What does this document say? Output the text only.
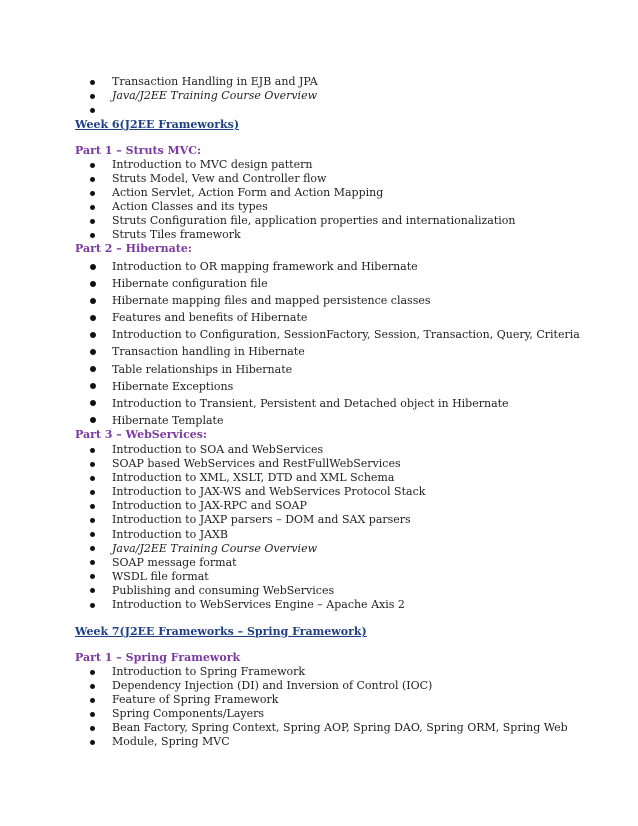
Transaction Handling in EJB and JPA
Java/J2EE Training Course Overview
Week 6(J2EE Frameworks)
Part 1 – Struts MVC:
Introduction to MVC design pattern
Struts Model, Vew and Controller flow
Action Servlet, Action Form and Action Mapping
Action Classes and its types
Struts Configuration file, application properties and internationalization
Struts Tiles framework
Part 2 – Hibernate:
Introduction to OR mapping framework and Hibernate
Hibernate configuration file
Hibernate mapping files and mapped persistence classes
Features and benefits of Hibernate
Introduction to Configuration, SessionFactory, Session, Transaction, Query, Criteria
Transaction handling in Hibernate
Table relationships in Hibernate
Hibernate Exceptions
Introduction to Transient, Persistent and Detached object in Hibernate
Hibernate Template
Part 3 – WebServices:
Introduction to SOA and WebServices
SOAP based WebServices and RestFullWebServices
Introduction to XML, XSLT, DTD and XML Schema
Introduction to JAX-WS and WebServices Protocol Stack
Introduction to JAX-RPC and SOAP
Introduction to JAXP parsers – DOM and SAX parsers
Introduction to JAXB
Java/J2EE Training Course Overview
SOAP message format
WSDL file format
Publishing and consuming WebServices
Introduction to WebServices Engine – Apache Axis 2
Week 7(J2EE Frameworks – Spring Framework)
Part 1 – Spring Framework
Introduction to Spring Framework
Dependency Injection (DI) and Inversion of Control (IOC)
Feature of Spring Framework
Spring Components/Layers
Bean Factory, Spring Context, Spring AOP, Spring DAO, Spring ORM, Spring Web
Module, Spring MVC
